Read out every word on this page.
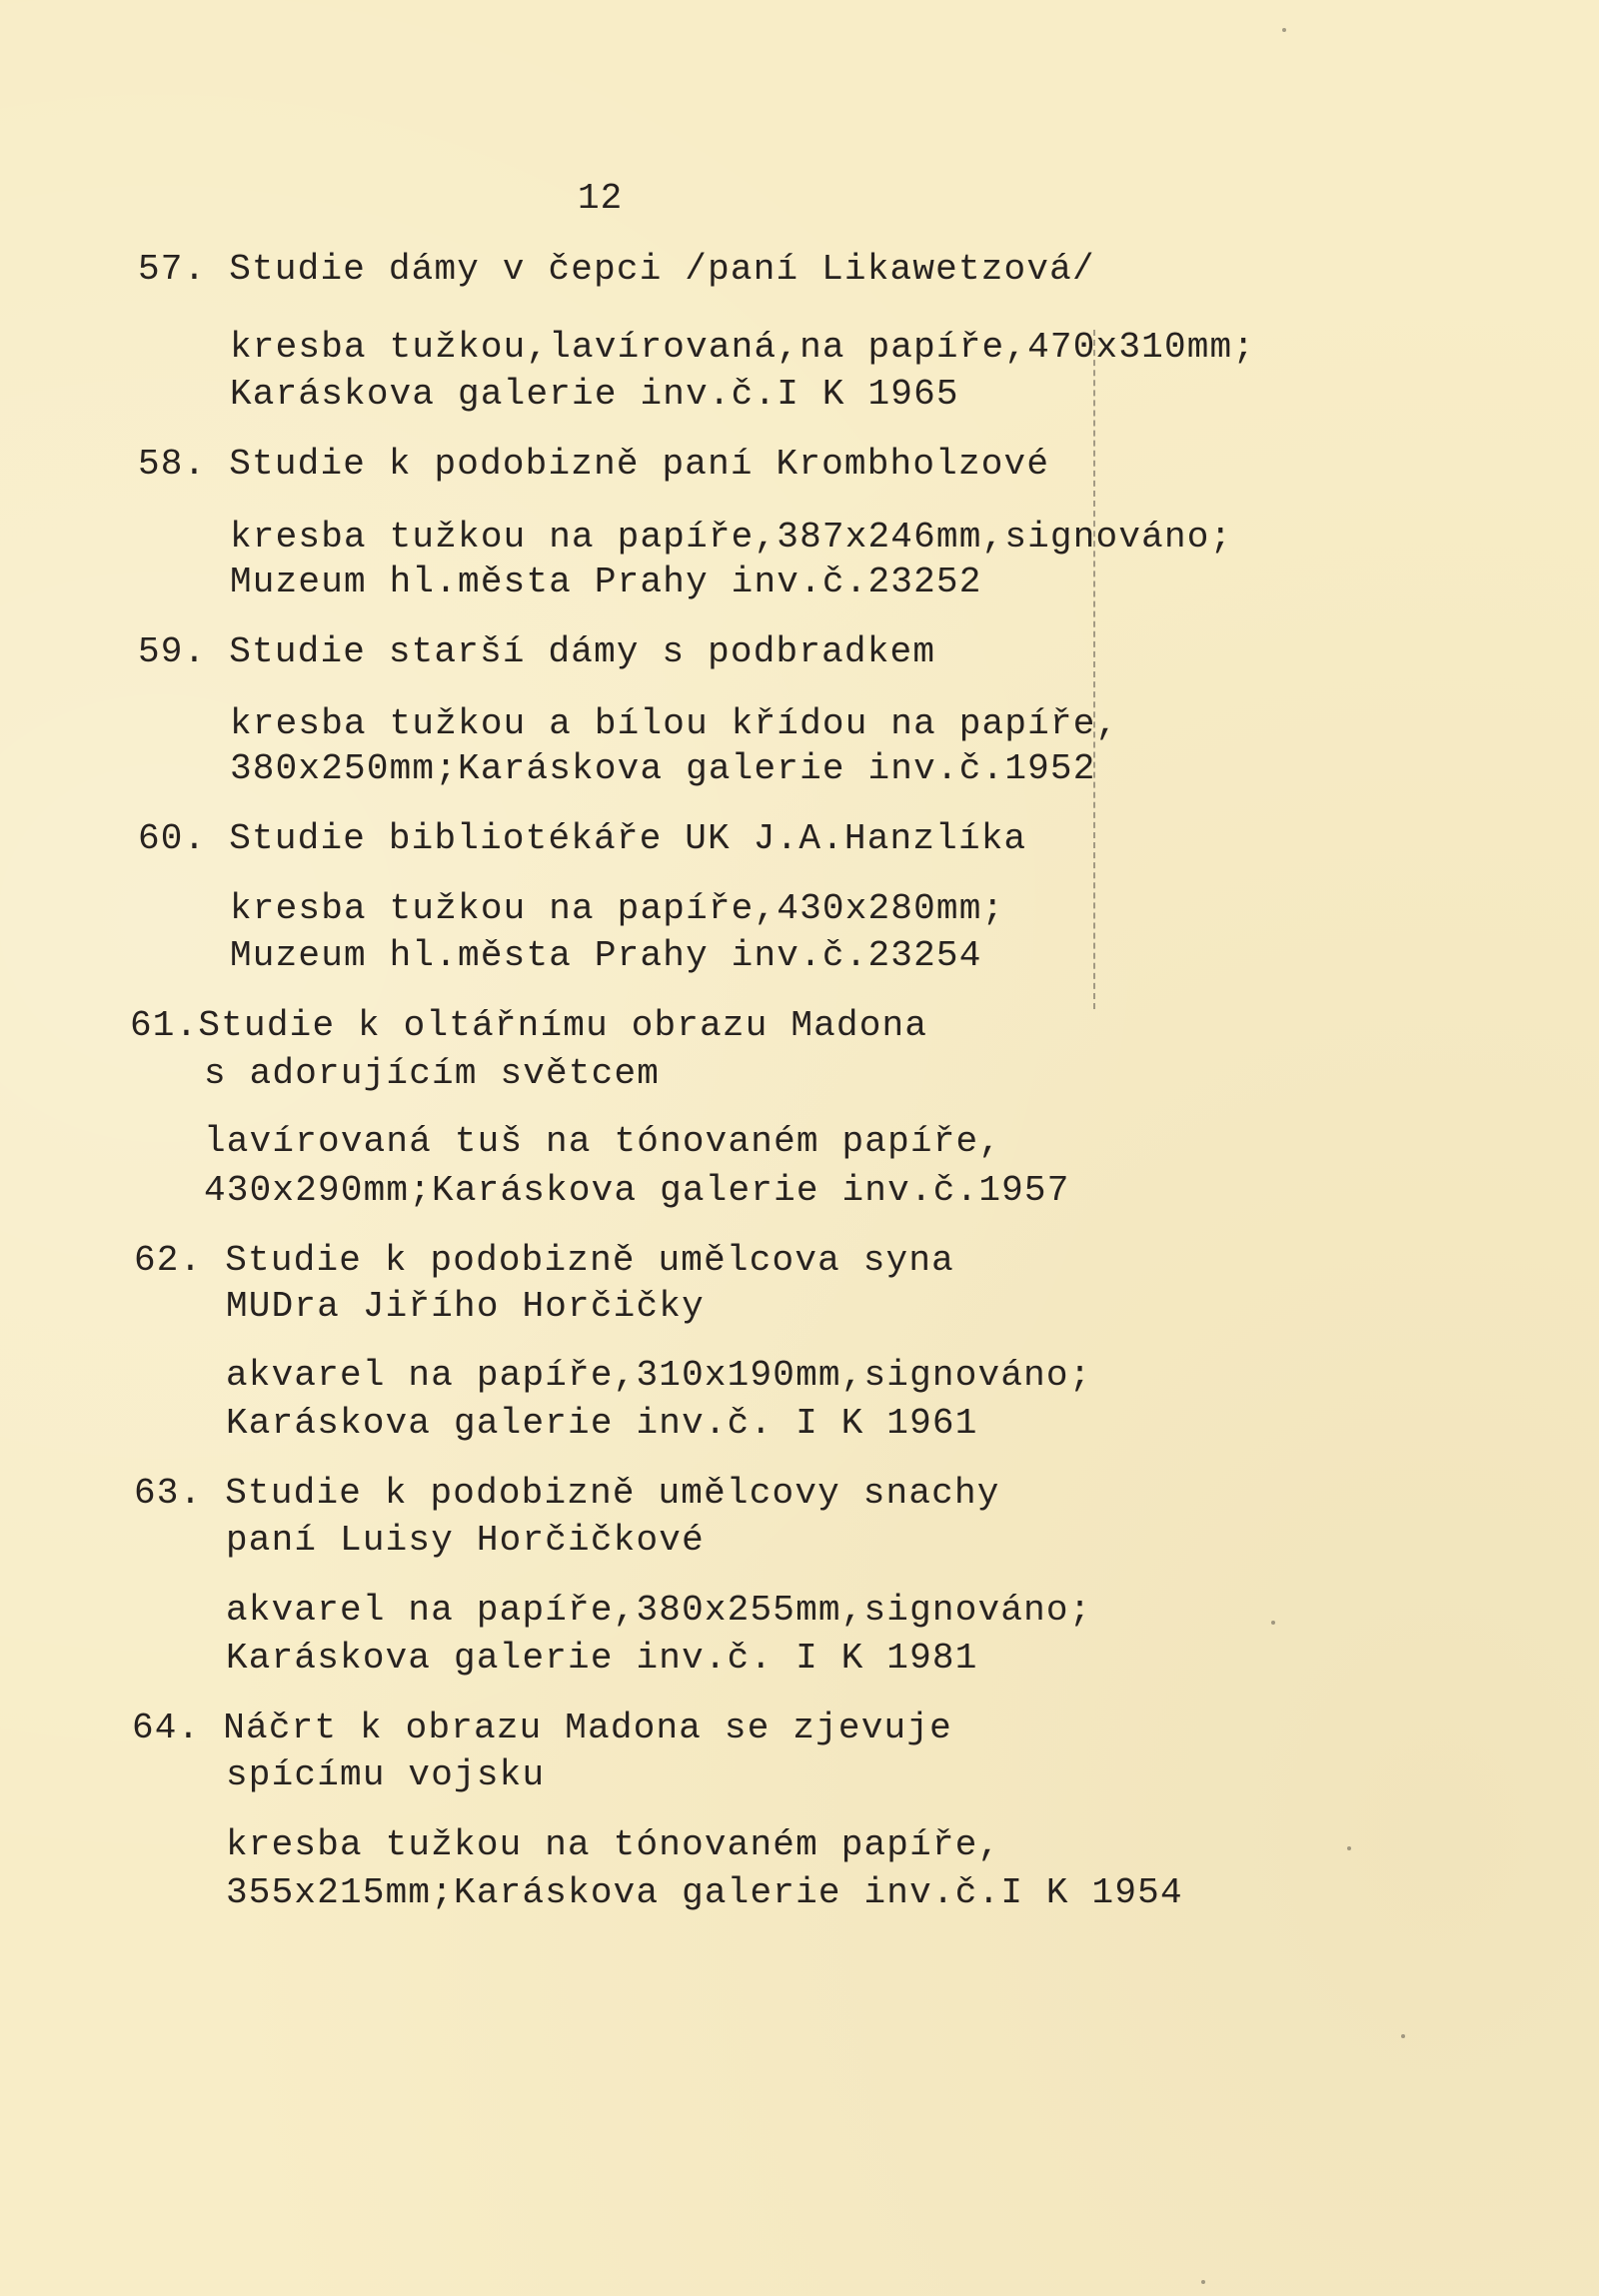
12
57. Studie dámy v čepci /paní Likawetzová/
kresba tužkou,lavírovaná,na papíře,470x310mm;
Karáskova galerie inv.č.I K 1965
58. Studie k podobizně paní Krombholzové
kresba tužkou na papíře,387x246mm,signováno;
Muzeum hl.města Prahy inv.č.23252
59. Studie starší dámy s podbradkem
kresba tužkou a bílou křídou na papíře,
380x250mm;Karáskova galerie inv.č.1952
60. Studie bibliotékáře UK J.A.Hanzlíka
kresba tužkou na papíře,430x280mm;
Muzeum hl.města Prahy inv.č.23254
61.Studie k oltářnímu obrazu Madona
s adorujícím světcem
lavírovaná tuš na tónovaném papíře,
430x290mm;Karáskova galerie inv.č.1957
62. Studie k podobizně umělcova syna
MUDra Jiřího Horčičky
akvarel na papíře,310x190mm,signováno;
Karáskova galerie inv.č. I K 1961
63. Studie k podobizně umělcovy snachy
paní Luisy Horčičkové
akvarel na papíře,380x255mm,signováno;
Karáskova galerie inv.č. I K 1981
64. Náčrt k obrazu Madona se zjevuje
spícímu vojsku
kresba tužkou na tónovaném papíře,
355x215mm;Karáskova galerie inv.č.I K 1954
